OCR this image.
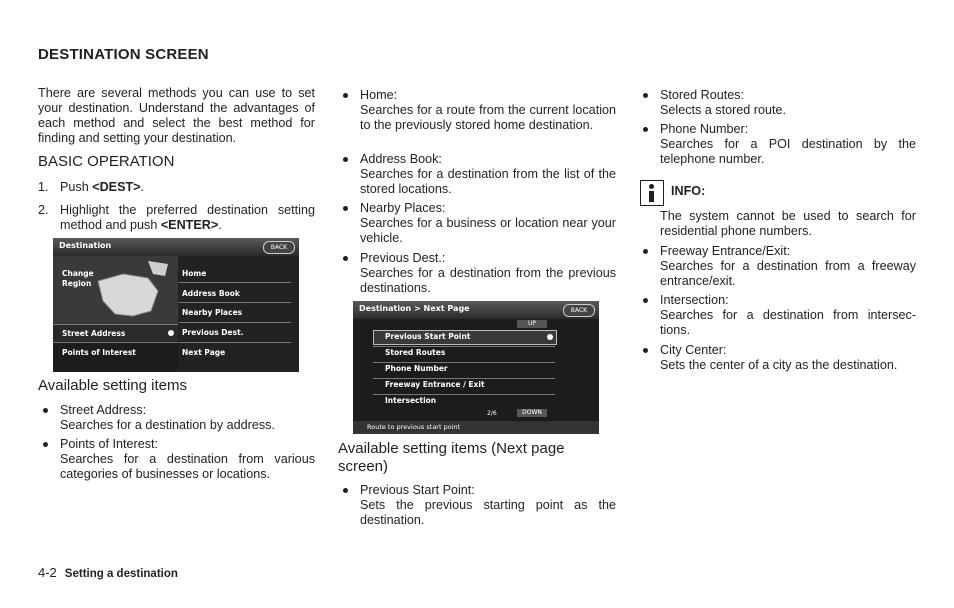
DESTINATION SCREEN

There are several methods you can use to set your destination. Understand the advantages of each method and select the best method for finding and setting your destination.

BASIC OPERATION
1. Push <DEST>.
2. Highlight the preferred destination setting method and push <ENTER>.
Destination	BACK
Change Region
Street Address
Points of Interest
Home
Address Book
Nearby Places
Previous Dest.
Next Page
Available setting items
Street Address:
Searches for a destination by address.
Points of Interest:
Searches for a destination from various categories of businesses or locations.
Home:
Searches for a route from the current location to the previously stored home destination.
Address Book:
Searches for a destination from the list of the stored locations.
Nearby Places:
Searches for a business or location near your vehicle.
Previous Dest.:
Searches for a destination from the previous destinations.
Destination > Next Page	BACK
UP
Previous Start Point
Stored Routes
Phone Number
Freeway Entrance / Exit
Intersection
2/6	DOWN
Route to previous start point
Available setting items (Next page screen)
Previous Start Point:
Sets the previous starting point as the destination.
Stored Routes:
Selects a stored route.
Phone Number:
Searches for a POI destination by the telephone number.
INFO:
The system cannot be used to search for residential phone numbers.
Freeway Entrance/Exit:
Searches for a destination from a freeway entrance/exit.
Intersection:
Searches for a destination from intersec-tions.
City Center:
Sets the center of a city as the destination.
4-2 Setting a destination
